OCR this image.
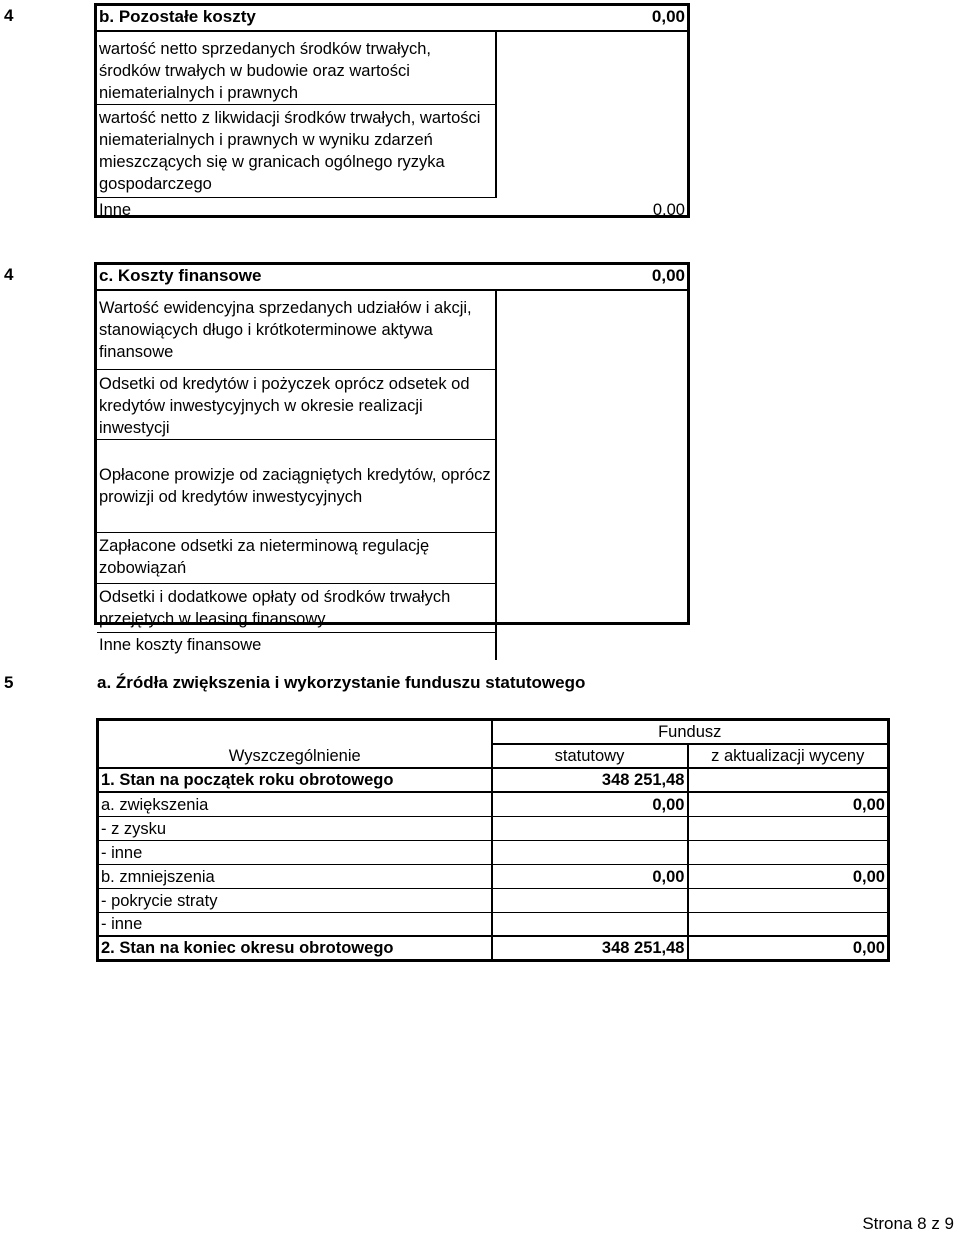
4	b. Pozostałe koszty 0,00	

wartość netto sprzedanych środków trwałych, środków trwałych w budowie oraz wartości niematerialnych i prawnych	
wartość netto z likwidacji środków trwałych, wartości niematerialnych i prawnych w wyniku zdarzeń mieszczących się w granicach ogólnego ryzyka gospodarczego	
Inne	0,00
4	c. Koszty finansowe 0,00	

Wartość ewidencyjna sprzedanych udziałów i akcji, stanowiących długo i krótkoterminowe aktywa finansowe	
Odsetki od kredytów i pożyczek oprócz odsetek od kredytów inwestycyjnych w okresie realizacji inwestycji	
Opłacone prowizje od zaciągniętych kredytów, oprócz prowizji od kredytów inwestycyjnych	
Zapłacone odsetki za nieterminową regulację zobowiązań	
Odsetki i dodatkowe opłaty od środków trwałych przejętych w leasing finansowy	
Inne koszty finansowe	
5	a. Źródła zwiększenia i wykorzystanie funduszu statutowego
	Fundusz	
Wyszczególnienie	statutowy	z aktualizacji wyceny
1. Stan na początek roku obrotowego	348 251,48	
a. zwiększenia	0,00	0,00
- z zysku		
- inne		
b. zmniejszenia	0,00	0,00
- pokrycie straty		
- inne		
2. Stan na koniec okresu obrotowego	348 251,48	0,00
Strona 8 z 9
